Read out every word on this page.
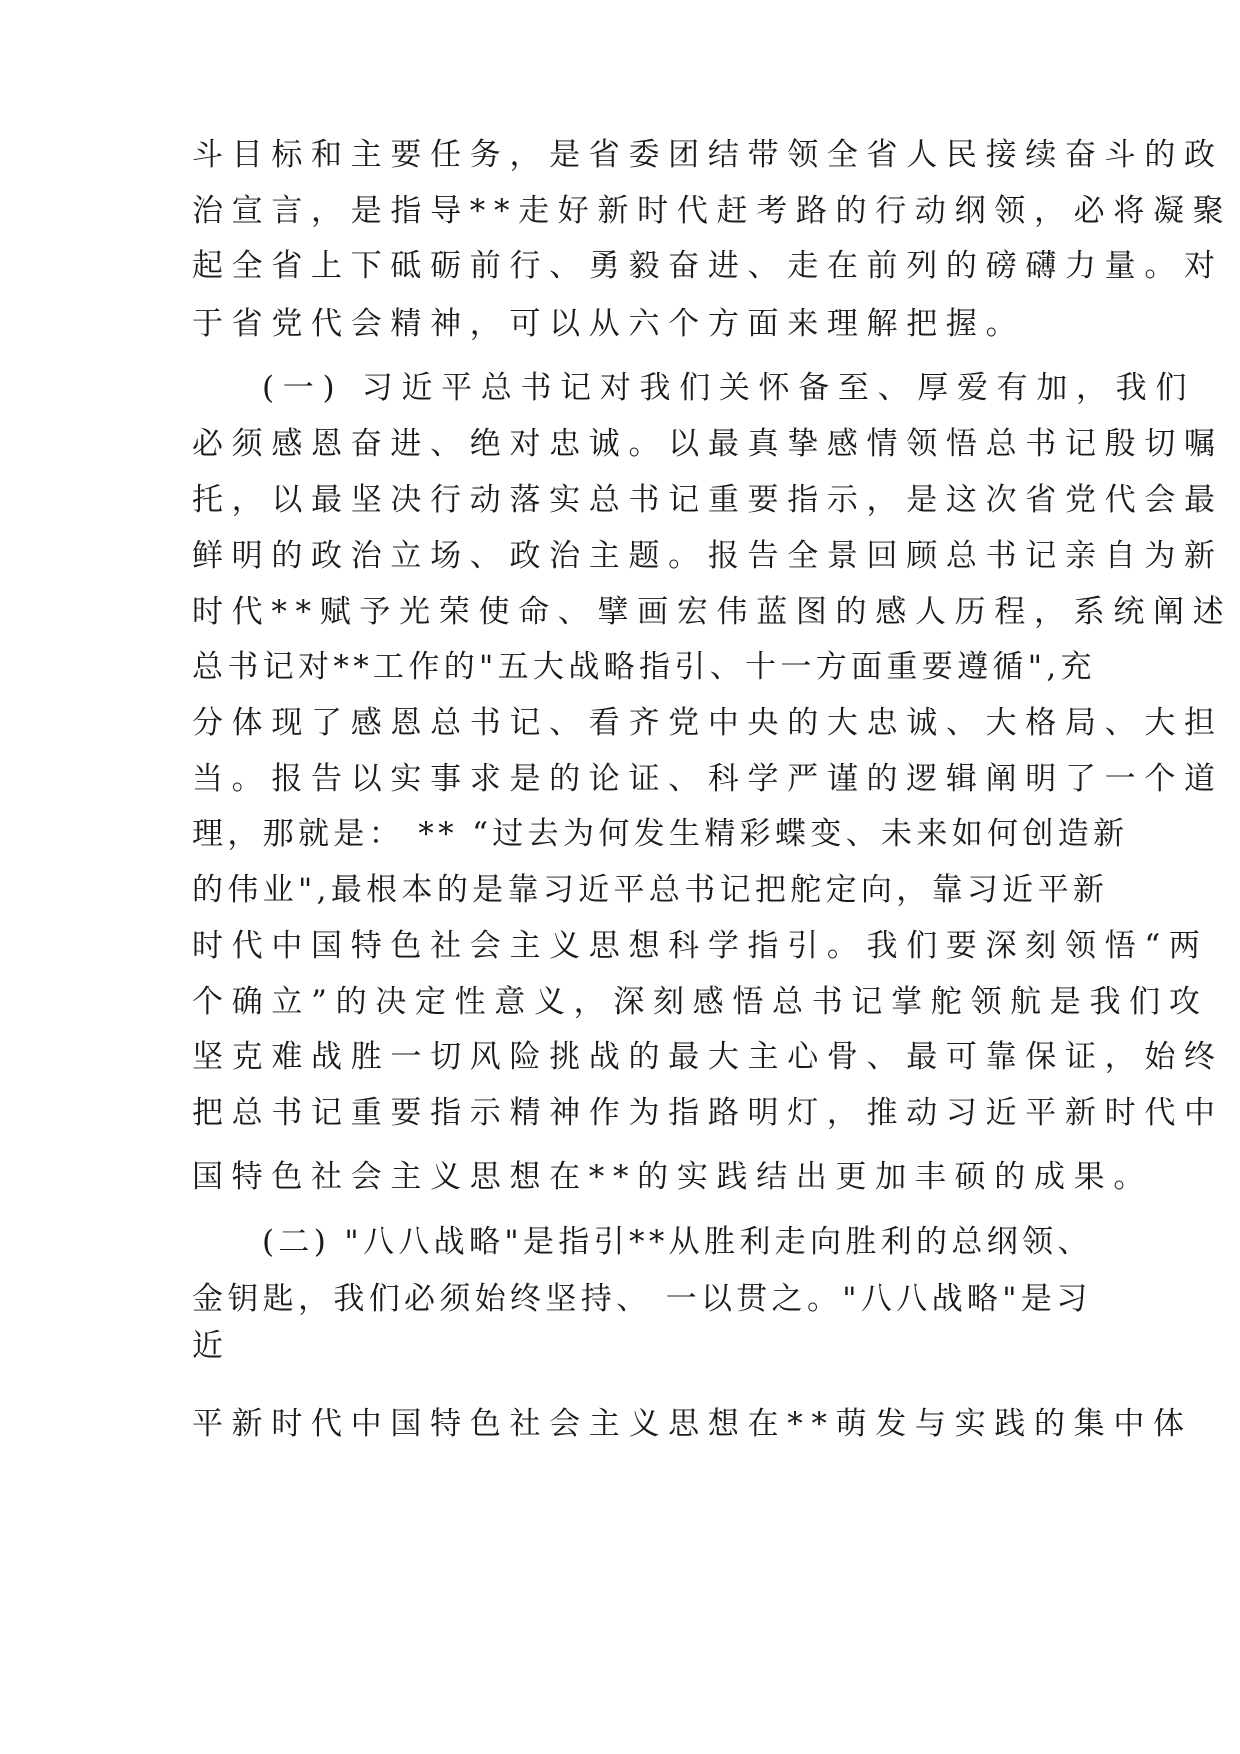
斗目标和主要任务，是省委团结带领全省人民接续奋斗的政

治宣言，是指导**走好新时代赶考路的行动纲领，必将凝聚

起全省上下砥砺前行、勇毅奋进、走在前列的磅礴力量。对

于省党代会精神，可以从六个方面来理解把握。

(一) 习近平总书记对我们关怀备至、厚爱有加，我们

必须感恩奋进、绝对忠诚。以最真挚感情领悟总书记殷切嘱

托，以最坚决行动落实总书记重要指示，是这次省党代会最

鲜明的政治立场、政治主题。报告全景回顾总书记亲自为新

时代**赋予光荣使命、擘画宏伟蓝图的感人历程，系统阐述

总书记对**工作的"五大战略指引、十一方面重要遵循",充

分体现了感恩总书记、看齐党中央的大忠诚、大格局、大担

当。报告以实事求是的论证、科学严谨的逻辑阐明了一个道

理，那就是： ** “过去为何发生精彩蝶变、未来如何创造新

的伟业",最根本的是靠习近平总书记把舵定向，靠习近平新

时代中国特色社会主义思想科学指引。我们要深刻领悟“两

个确立”的决定性意义，深刻感悟总书记掌舵领航是我们攻

坚克难战胜一切风险挑战的最大主心骨、最可靠保证，始终

把总书记重要指示精神作为指路明灯，推动习近平新时代中

国特色社会主义思想在**的实践结出更加丰硕的成果。

(二) "八八战略"是指引**从胜利走向胜利的总纲领、

金钥匙，我们必须始终坚持、 一以贯之。"八八战略"是习

近

平新时代中国特色社会主义思想在**萌发与实践的集中体
